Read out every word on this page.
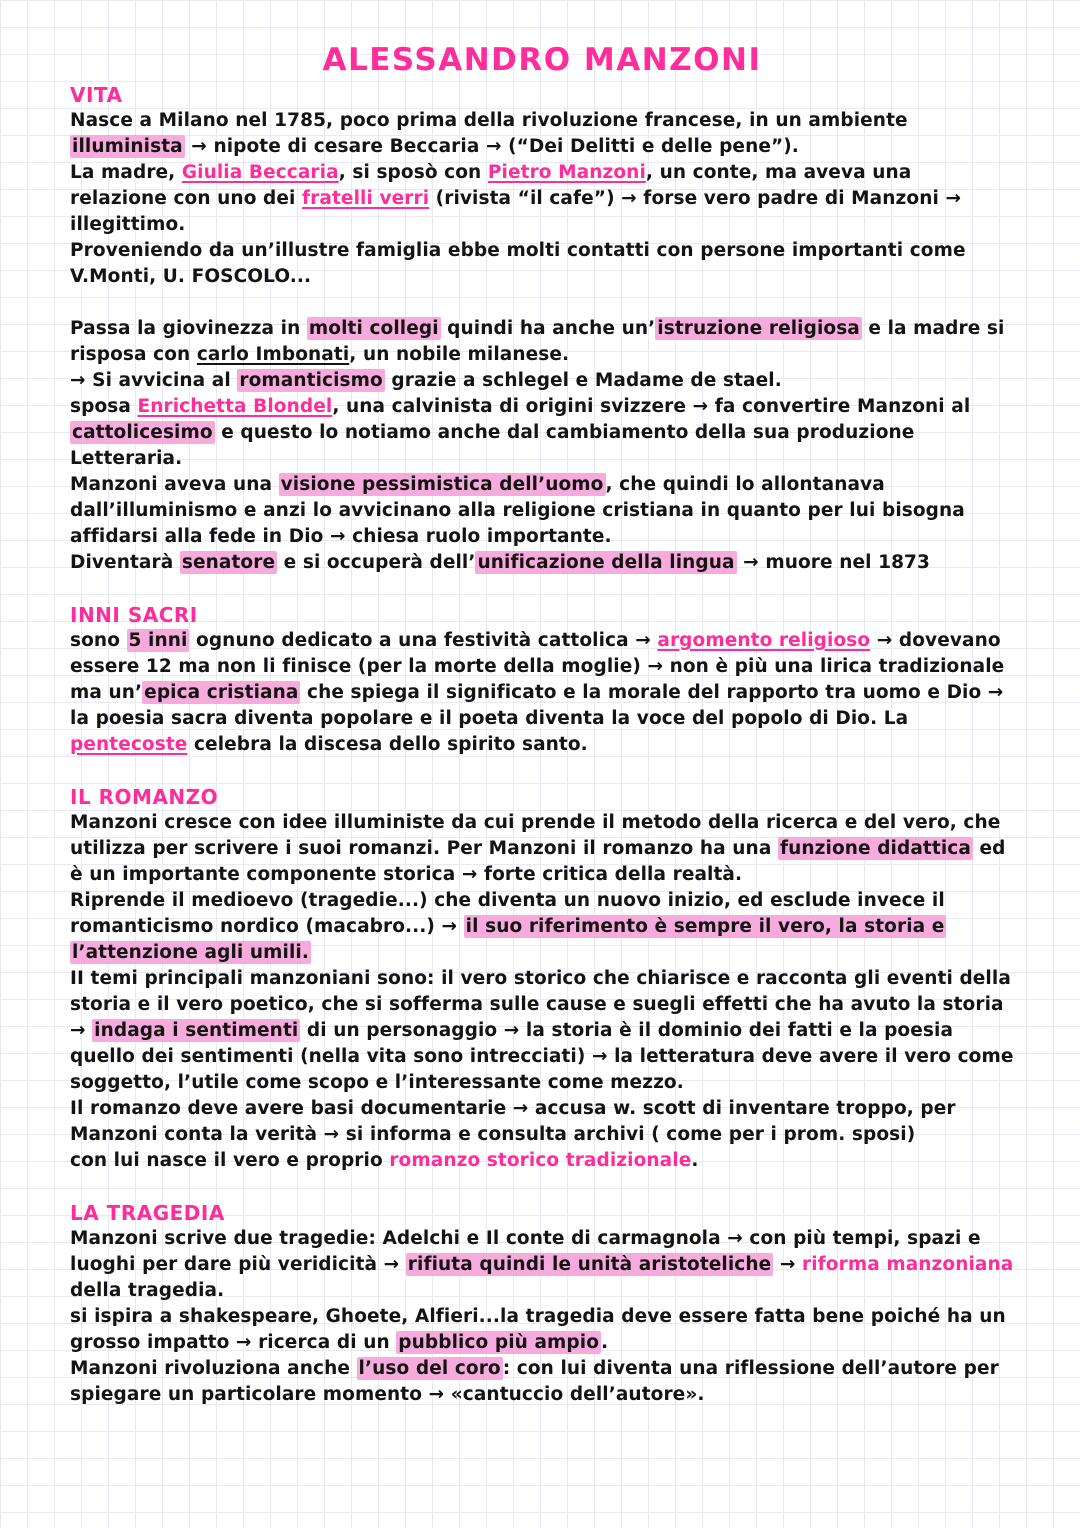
ALESSANDRO MANZONI
VITA

Nasce a Milano nel 1785, poco prima della rivoluzione francese, in un ambiente illuminista → nipote di cesare Beccaria → (“Dei Delitti e delle pene”).

La madre, Giulia Beccaria, si sposò con Pietro Manzoni, un conte, ma aveva una relazione con uno dei fratelli verri (rivista “il cafe”) → forse vero padre di Manzoni → illegittimo.

Proveniendo da un’illustre famiglia ebbe molti contatti con persone importanti come V.Monti, U. FOSCOLO...

Passa la giovinezza in molti collegi quindi ha anche un’ istruzione religiosa e la madre si risposa con carlo Imbonati, un nobile milanese.

→ Si avvicina al romanticismo grazie a schlegel e Madame de stael.

sposa Enrichetta Blondel, una calvinista di origini svizzere → fa convertire Manzoni al cattolicesimo e questo lo notiamo anche dal cambiamento della sua produzione Letteraria.

Manzoni aveva una visione pessimistica dell’uomo , che quindi lo allontanava dall’illuminismo e anzi lo avvicinano alla religione cristiana in quanto per lui bisogna affidarsi alla fede in Dio → chiesa ruolo importante.

Diventarà senatore e si occuperà dell’ unificazione della lingua → muore nel 1873

INNI SACRI

sono 5 inni ognuno dedicato a una festività cattolica → argomento religioso → dovevano essere 12 ma non li finisce (per la morte della moglie) → non è più una lirica tradizionale ma un’ epica cristiana che spiega il significato e la morale del rapporto tra uomo e Dio → la poesia sacra diventa popolare e il poeta diventa la voce del popolo di Dio. La pentecoste celebra la discesa dello spirito santo.

IL ROMANZO

Manzoni cresce con idee illuministe da cui prende il metodo della ricerca e del vero, che utilizza per scrivere i suoi romanzi. Per Manzoni il romanzo ha una funzione didattica ed è un importante componente storica → forte critica della realtà.

Riprende il medioevo (tragedie...) che diventa un nuovo inizio, ed esclude invece il romanticismo nordico (macabro...) → il suo riferimento è sempre il vero, la storia e l’attenzione agli umili.

II temi principali manzoniani sono: il vero storico che chiarisce e racconta gli eventi della storia e il vero poetico, che si sofferma sulle cause e suegli effetti che ha avuto la storia → indaga i sentimenti di un personaggio → la storia è il dominio dei fatti e la poesia quello dei sentimenti (nella vita sono intrecciati) → la letteratura deve avere il vero come soggetto, l’utile come scopo e l’interessante come mezzo.

Il romanzo deve avere basi documentarie → accusa w. scott di inventare troppo, per Manzoni conta la verità → si informa e consulta archivi ( come per i prom. sposi)

con lui nasce il vero e proprio romanzo storico tradizionale.

LA TRAGEDIA

Manzoni scrive due tragedie: Adelchi e Il conte di carmagnola → con più tempi, spazi e luoghi per dare più veridicità → rifiuta quindi le unità aristoteliche → riforma manzoniana della tragedia.

si ispira a shakespeare, Ghoete, Alfieri...la tragedia deve essere fatta bene poiché ha un grosso impatto → ricerca di un pubblico più ampio .

Manzoni rivoluziona anche l’uso del coro : con lui diventa una riflessione dell’autore per spiegare un particolare momento → «cantuccio dell’autore».
